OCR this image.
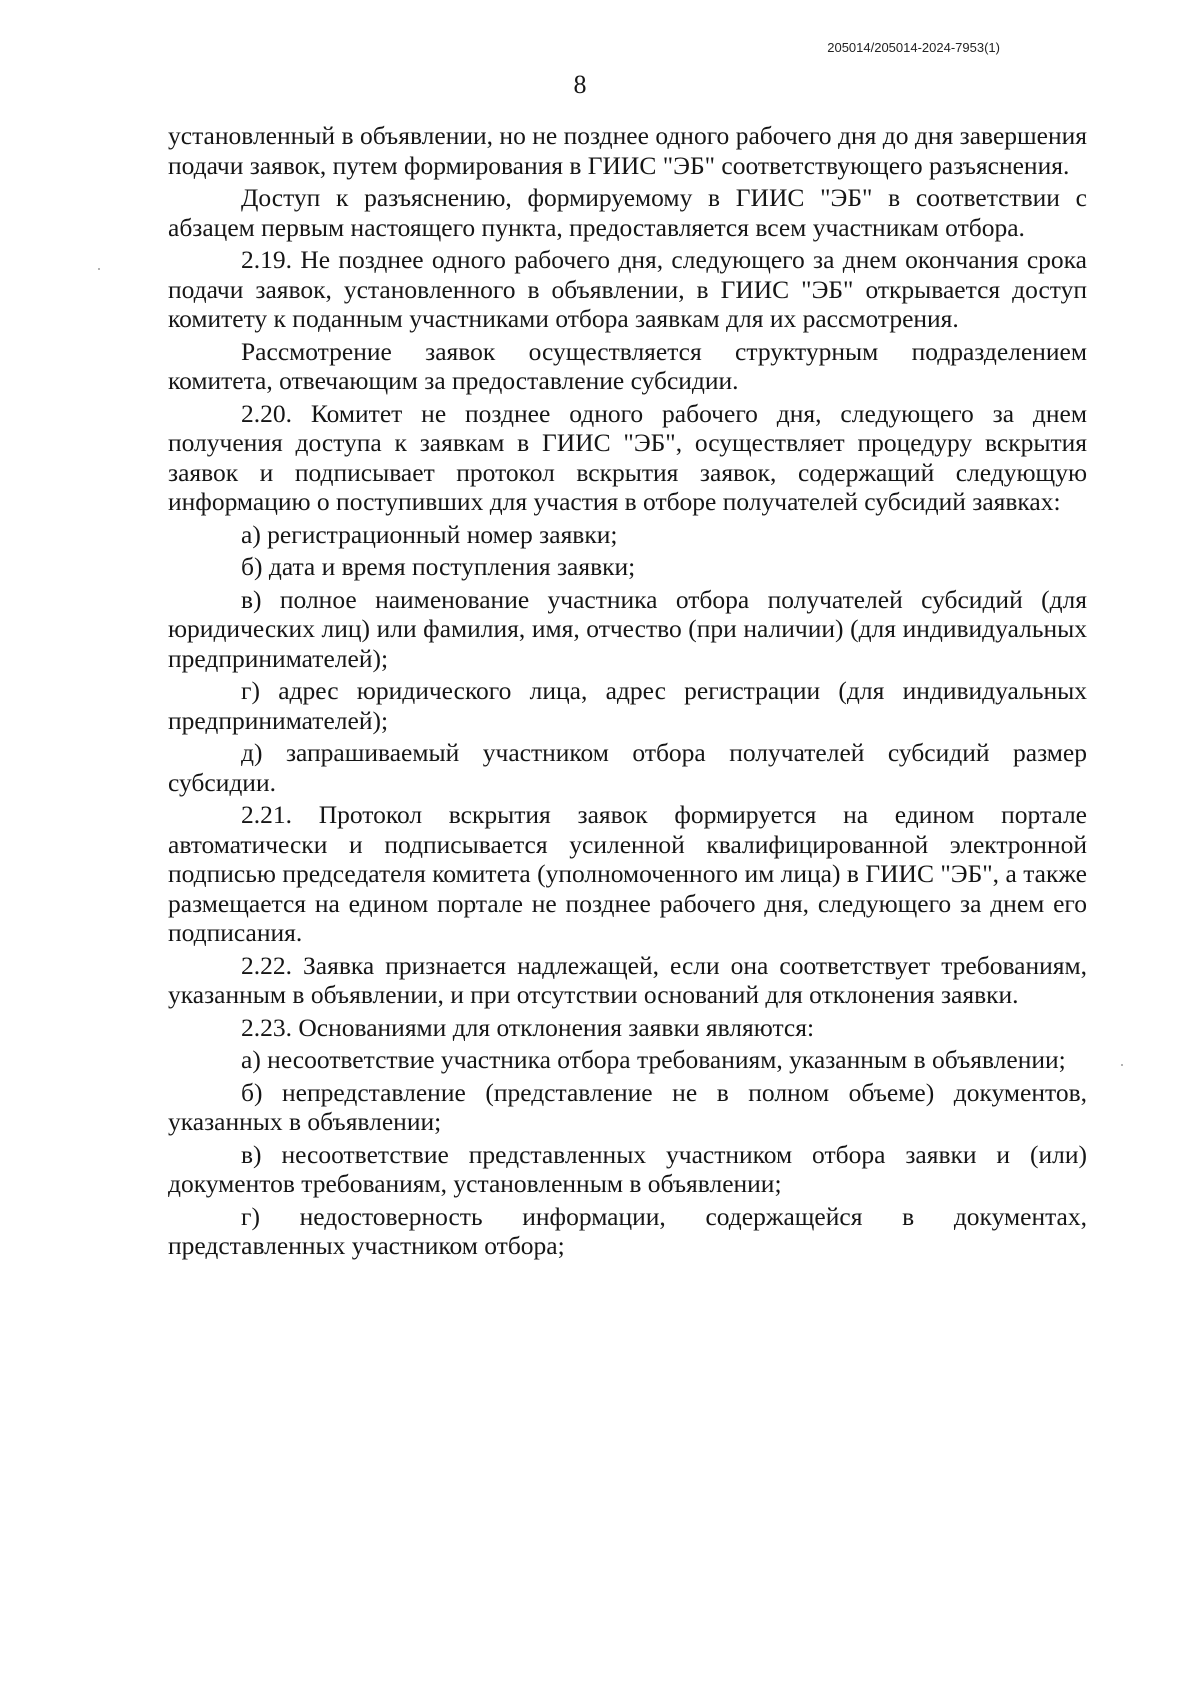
205014/205014-2024-7953(1)
8

установленный в объявлении, но не позднее одного рабочего дня до дня завершения подачи заявок, путем формирования в ГИИС "ЭБ" соответствующего разъяснения.

Доступ к разъяснению, формируемому в ГИИС "ЭБ" в соответствии с абзацем первым настоящего пункта, предоставляется всем участникам отбора.

2.19. Не позднее одного рабочего дня, следующего за днем окончания срока подачи заявок, установленного в объявлении, в ГИИС "ЭБ" открывается доступ комитету к поданным участниками отбора заявкам для их рассмотрения.

Рассмотрение заявок осуществляется структурным подразделением комитета, отвечающим за предоставление субсидии.

2.20. Комитет не позднее одного рабочего дня, следующего за днем получения доступа к заявкам в ГИИС "ЭБ", осуществляет процедуру вскрытия заявок и подписывает протокол вскрытия заявок, содержащий следующую информацию о поступивших для участия в отборе получателей субсидий заявках:

а) регистрационный номер заявки;

б) дата и время поступления заявки;

в) полное наименование участника отбора получателей субсидий (для юридических лиц) или фамилия, имя, отчество (при наличии) (для индивидуальных предпринимателей);

г) адрес юридического лица, адрес регистрации (для индивидуальных предпринимателей);

д) запрашиваемый участником отбора получателей субсидий размер субсидии.

2.21. Протокол вскрытия заявок формируется на едином портале автоматически и подписывается усиленной квалифицированной электронной подписью председателя комитета (уполномоченного им лица) в ГИИС "ЭБ", а также размещается на едином портале не позднее рабочего дня, следующего за днем его подписания.

2.22. Заявка признается надлежащей, если она соответствует требованиям, указанным в объявлении, и при отсутствии оснований для отклонения заявки.

2.23. Основаниями для отклонения заявки являются:

а) несоответствие участника отбора требованиям, указанным в объявлении;

б) непредставление (представление не в полном объеме) документов, указанных в объявлении;

в) несоответствие представленных участником отбора заявки и (или) документов требованиям, установленным в объявлении;

г) недостоверность информации, содержащейся в документах, представленных участником отбора;
